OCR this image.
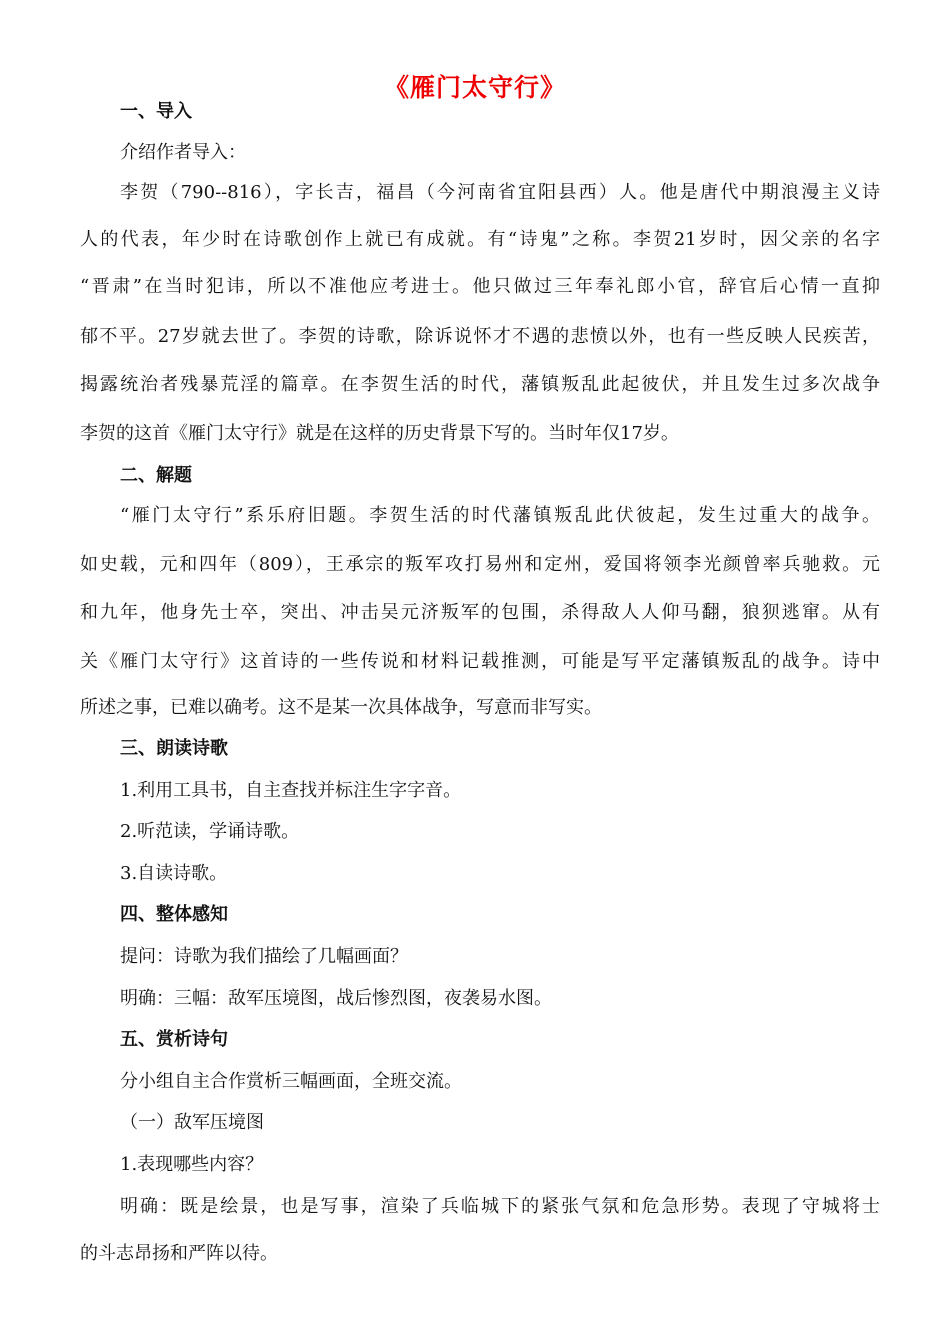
《雁门太守行》
一、导入
介绍作者导入：
李贺（790--816），字长吉，福昌（今河南省宜阳县西）人。他是唐代中期浪漫主义诗
人的代表，年少时在诗歌创作上就已有成就。有“诗鬼”之称。李贺21岁时，因父亲的名字
“晋肃”在当时犯讳，所以不准他应考进士。他只做过三年奉礼郎小官，辞官后心情一直抑
郁不平。27岁就去世了。李贺的诗歌，除诉说怀才不遇的悲愤以外，也有一些反映人民疾苦，
揭露统治者残暴荒淫的篇章。在李贺生活的时代，藩镇叛乱此起彼伏，并且发生过多次战争
李贺的这首《雁门太守行》就是在这样的历史背景下写的。当时年仅17岁。
二、解题
“雁门太守行”系乐府旧题。李贺生活的时代藩镇叛乱此伏彼起，发生过重大的战争。
如史载，元和四年（809），王承宗的叛军攻打易州和定州，爱国将领李光颜曾率兵驰救。元
和九年，他身先士卒，突出、冲击吴元济叛军的包围，杀得敌人人仰马翻，狼狈逃窜。从有
关《雁门太守行》这首诗的一些传说和材料记载推测，可能是写平定藩镇叛乱的战争。诗中
所述之事，已难以确考。这不是某一次具体战争，写意而非写实。
三、朗读诗歌
1.利用工具书，自主查找并标注生字字音。
2.听范读，学诵诗歌。
3.自读诗歌。
四、整体感知
提问：诗歌为我们描绘了几幅画面？
明确：三幅：敌军压境图，战后惨烈图，夜袭易水图。
五、赏析诗句
分小组自主合作赏析三幅画面，全班交流。
（一）敌军压境图
1.表现哪些内容？
明确：既是绘景，也是写事，渲染了兵临城下的紧张气氛和危急形势。表现了守城将士
的斗志昂扬和严阵以待。
